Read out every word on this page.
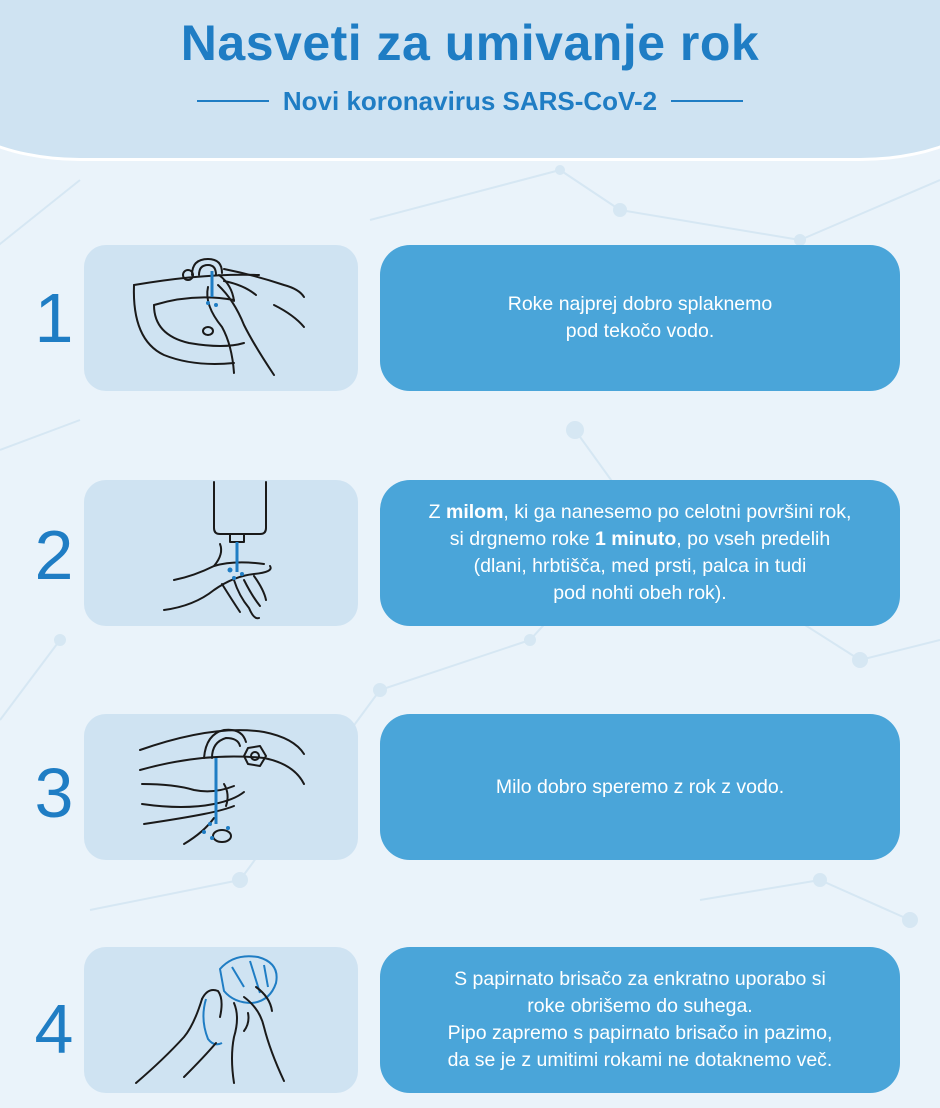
Nasveti za umivanje rok
Novi koronavirus SARS-CoV-2
1	Roke najprej dobro splaknemo
pod tekočo vodo.
2
Z milom, ki ga nanesemo po celotni površini rok,
si drgnemo roke 1 minuto, po vseh predelih
(dlani, hrbtišča, med prsti, palca in tudi
pod nohti obeh rok).
3	Milo dobro speremo z rok z vodo.
4
S papirnato brisačo za enkratno uporabo si
roke obrišemo do suhega.
Pipo zapremo s papirnato brisačo in pazimo,
da se je z umitimi rokami ne dotaknemo več.
